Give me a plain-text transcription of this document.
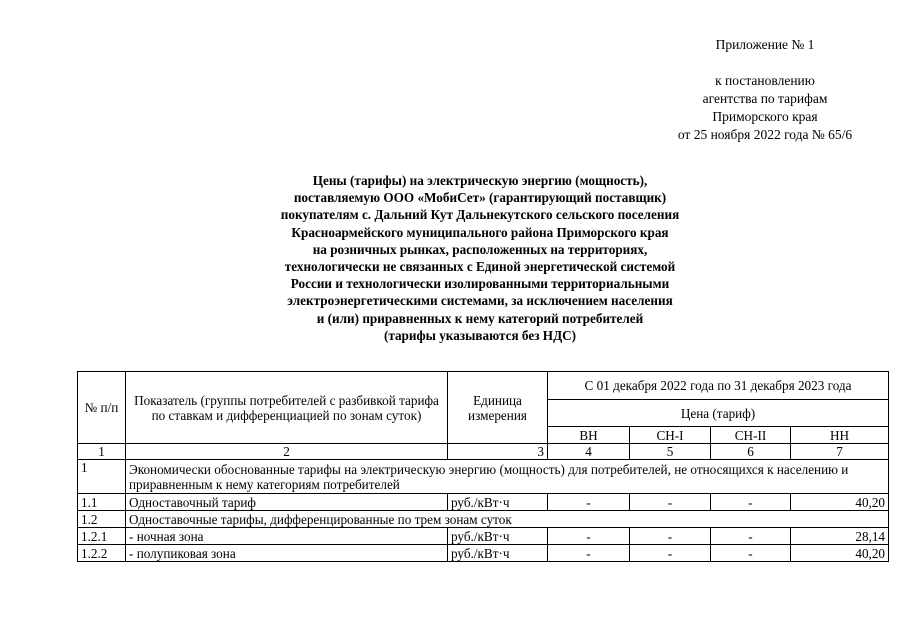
Приложение № 1
к постановлению
агентства по тарифам
Приморского края
от 25 ноября 2022 года № 65/6
Цены (тарифы) на электрическую энергию (мощность),
поставляемую ООО «МобиСет» (гарантирующий поставщик)
покупателям с. Дальний Кут Дальнекутского сельского поселения
Красноармейского муниципального района Приморского края
на розничных рынках, расположенных на территориях,
технологически не связанных с Единой энергетической системой
России и технологически изолированными территориальными
электроэнергетическими системами, за исключением населения
и (или) приравненных к нему категорий потребителей
(тарифы указываются без НДС)
№ п/п	Показатель (группы потребителей с разбивкой тарифа по ставкам и дифференциацией по зонам суток)	Единица измерения	С 01 декабря 2022 года по 31 декабря 2023 года			
			Цена (тариф)			
			ВН	СН-I	СН-II	НН
1	2	3	4	5	6	7
1	Экономически обоснованные тарифы на электрическую энергию (мощность) для потребителей, не относящихся к населению и приравненным к нему категориям потребителей					
1.1	Одноставочный тариф	руб./кВт·ч	-	-	-	40,20
1.2	Одноставочные тарифы, дифференцированные по трем зонам суток					
1.2.1	- ночная зона	руб./кВт·ч	-	-	-	28,14
1.2.2	- полупиковая зона	руб./кВт·ч	-	-	-	40,20
